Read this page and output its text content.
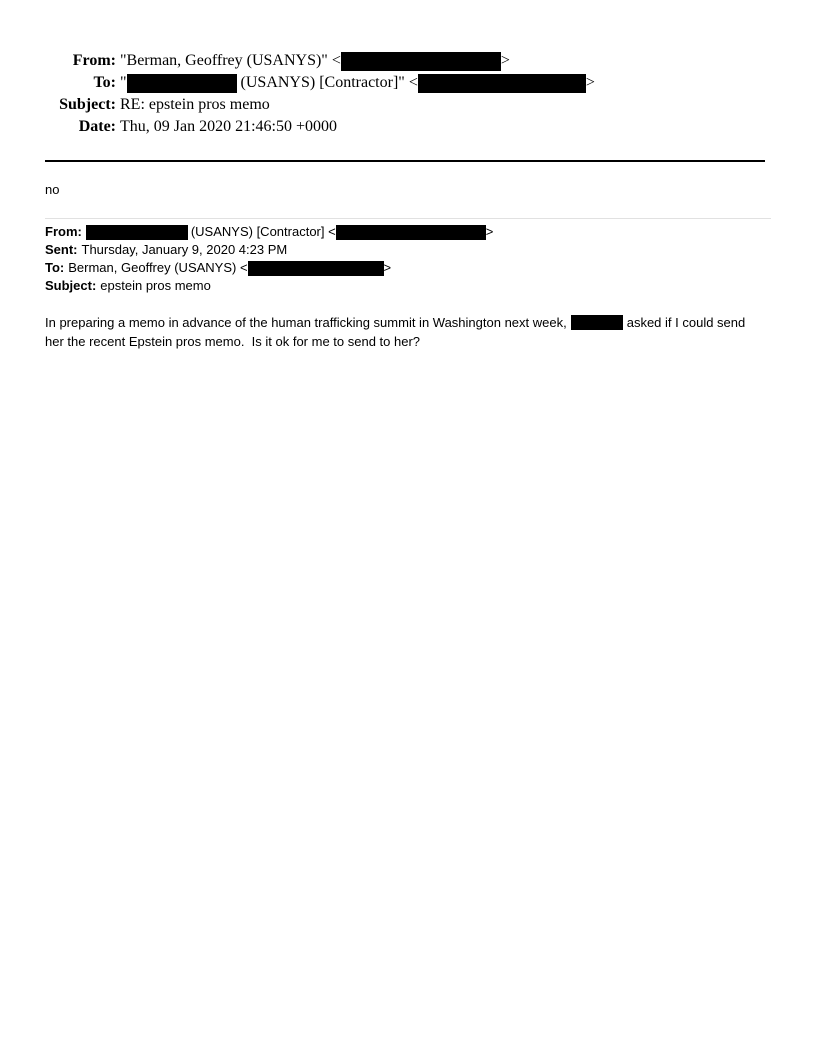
From: "Berman, Geoffrey (USANYS)" <	>
To: "	(USANYS) [Contractor]" <	>
Subject: RE: epstein pros memo
Date: Thu, 09 Jan 2020 21:46:50 +0000
no
From:	(USANYS) [Contractor] <	>
Sent: Thursday, January 9, 2020 4:23 PM
To: Berman, Geoffrey (USANYS) <	>
Subject: epstein pros memo
In preparing a memo in advance of the human trafficking summit in Washington next week,	asked if I could send
her the recent Epstein pros memo.  Is it ok for me to send to her?
